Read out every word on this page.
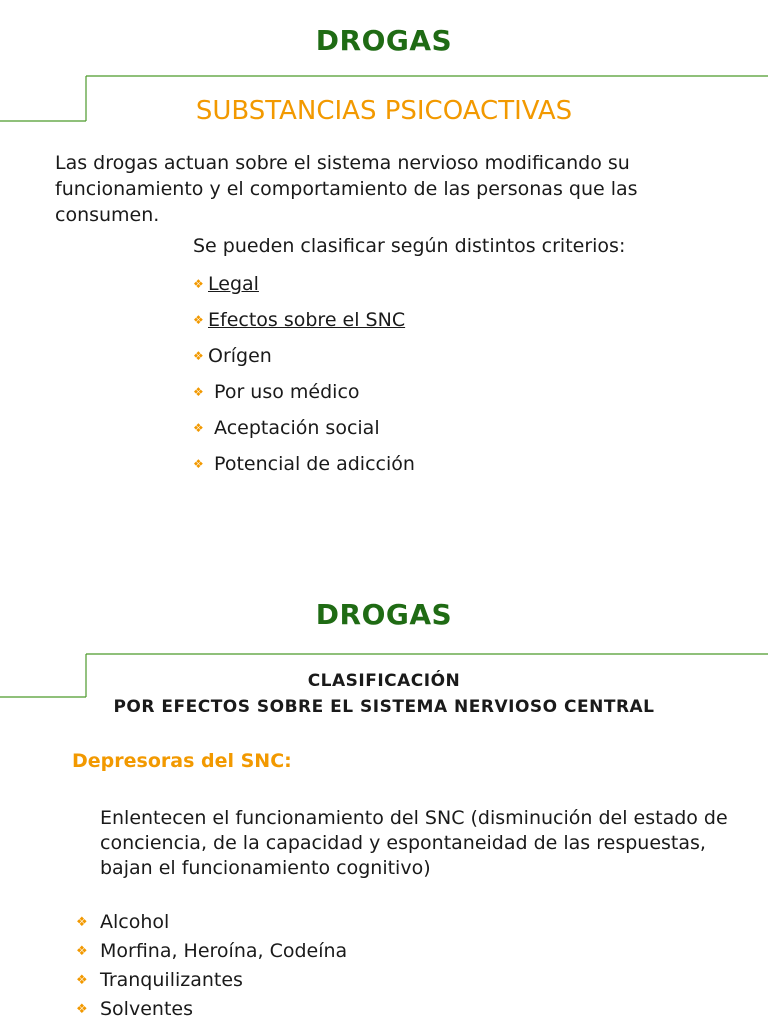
DROGAS
SUBSTANCIAS PSICOACTIVAS
Las drogas actuan sobre el sistema nervioso modificando su funcionamiento y el comportamiento de las personas que las consumen.
Se pueden clasificar según distintos criterios:
❖ Legal
❖ Efectos sobre el SNC
❖ Orígen
❖ Por uso médico
❖ Aceptación social
❖ Potencial de adicción
DROGAS
CLASIFICACIÓN
POR EFECTOS SOBRE EL SISTEMA NERVIOSO CENTRAL
Depresoras del SNC:
Enlentecen el funcionamiento del SNC (disminución del estado de conciencia, de la capacidad y espontaneidad de las respuestas, bajan el funcionamiento cognitivo)
❖ Alcohol
❖ Morfina, Heroína, Codeína
❖ Tranquilizantes
❖ Solventes
